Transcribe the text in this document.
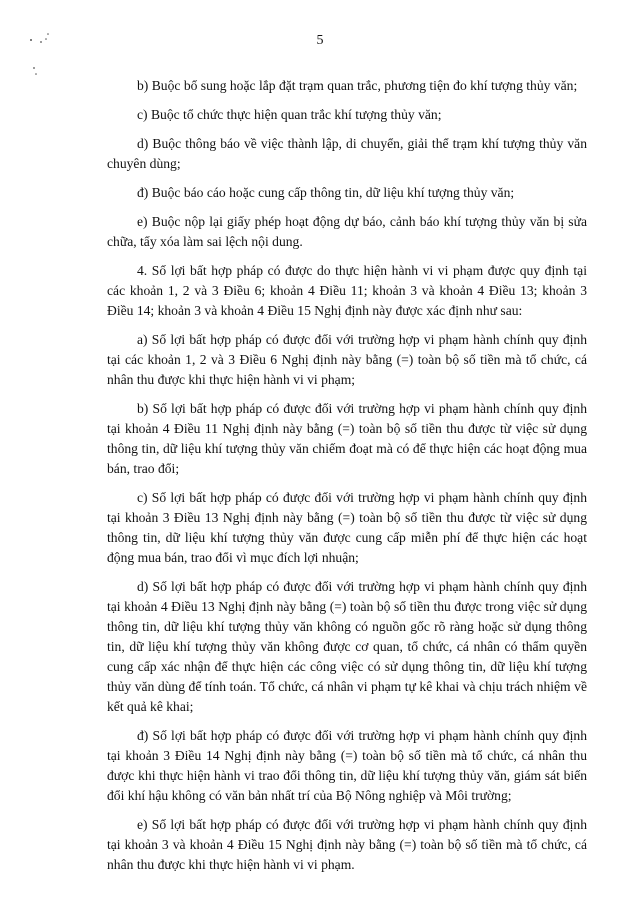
5

b) Buộc bổ sung hoặc lắp đặt trạm quan trắc, phương tiện đo khí tượng thủy văn;

c) Buộc tổ chức thực hiện quan trắc khí tượng thủy văn;

d) Buộc thông báo về việc thành lập, di chuyển, giải thể trạm khí tượng thủy văn chuyên dùng;

đ) Buộc báo cáo hoặc cung cấp thông tin, dữ liệu khí tượng thủy văn;

e) Buộc nộp lại giấy phép hoạt động dự báo, cảnh báo khí tượng thủy văn bị sửa chữa, tẩy xóa làm sai lệch nội dung.

4. Số lợi bất hợp pháp có được do thực hiện hành vi vi phạm được quy định tại các khoản 1, 2 và 3 Điều 6; khoản 4 Điều 11; khoản 3 và khoản 4 Điều 13; khoản 3 Điều 14; khoản 3 và khoản 4 Điều 15 Nghị định này được xác định như sau:

a) Số lợi bất hợp pháp có được đối với trường hợp vi phạm hành chính quy định tại các khoản 1, 2 và 3 Điều 6 Nghị định này bằng (=) toàn bộ số tiền mà tổ chức, cá nhân thu được khi thực hiện hành vi vi phạm;

b) Số lợi bất hợp pháp có được đối với trường hợp vi phạm hành chính quy định tại khoản 4 Điều 11 Nghị định này bằng (=) toàn bộ số tiền thu được từ việc sử dụng thông tin, dữ liệu khí tượng thủy văn chiếm đoạt mà có để thực hiện các hoạt động mua bán, trao đổi;

c) Số lợi bất hợp pháp có được đối với trường hợp vi phạm hành chính quy định tại khoản 3 Điều 13 Nghị định này bằng (=) toàn bộ số tiền thu được từ việc sử dụng thông tin, dữ liệu khí tượng thủy văn được cung cấp miễn phí để thực hiện các hoạt động mua bán, trao đổi vì mục đích lợi nhuận;

d) Số lợi bất hợp pháp có được đối với trường hợp vi phạm hành chính quy định tại khoản 4 Điều 13 Nghị định này bằng (=) toàn bộ số tiền thu được trong việc sử dụng thông tin, dữ liệu khí tượng thủy văn không có nguồn gốc rõ ràng hoặc sử dụng thông tin, dữ liệu khí tượng thủy văn không được cơ quan, tổ chức, cá nhân có thẩm quyền cung cấp xác nhận để thực hiện các công việc có sử dụng thông tin, dữ liệu khí tượng thủy văn dùng để tính toán. Tổ chức, cá nhân vi phạm tự kê khai và chịu trách nhiệm về kết quả kê khai;

đ) Số lợi bất hợp pháp có được đối với trường hợp vi phạm hành chính quy định tại khoản 3 Điều 14 Nghị định này bằng (=) toàn bộ số tiền mà tổ chức, cá nhân thu được khi thực hiện hành vi trao đổi thông tin, dữ liệu khí tượng thủy văn, giám sát biến đổi khí hậu không có văn bản nhất trí của Bộ Nông nghiệp và Môi trường;

e) Số lợi bất hợp pháp có được đối với trường hợp vi phạm hành chính quy định tại khoản 3 và khoản 4 Điều 15 Nghị định này bằng (=) toàn bộ số tiền mà tổ chức, cá nhân thu được khi thực hiện hành vi vi phạm.
